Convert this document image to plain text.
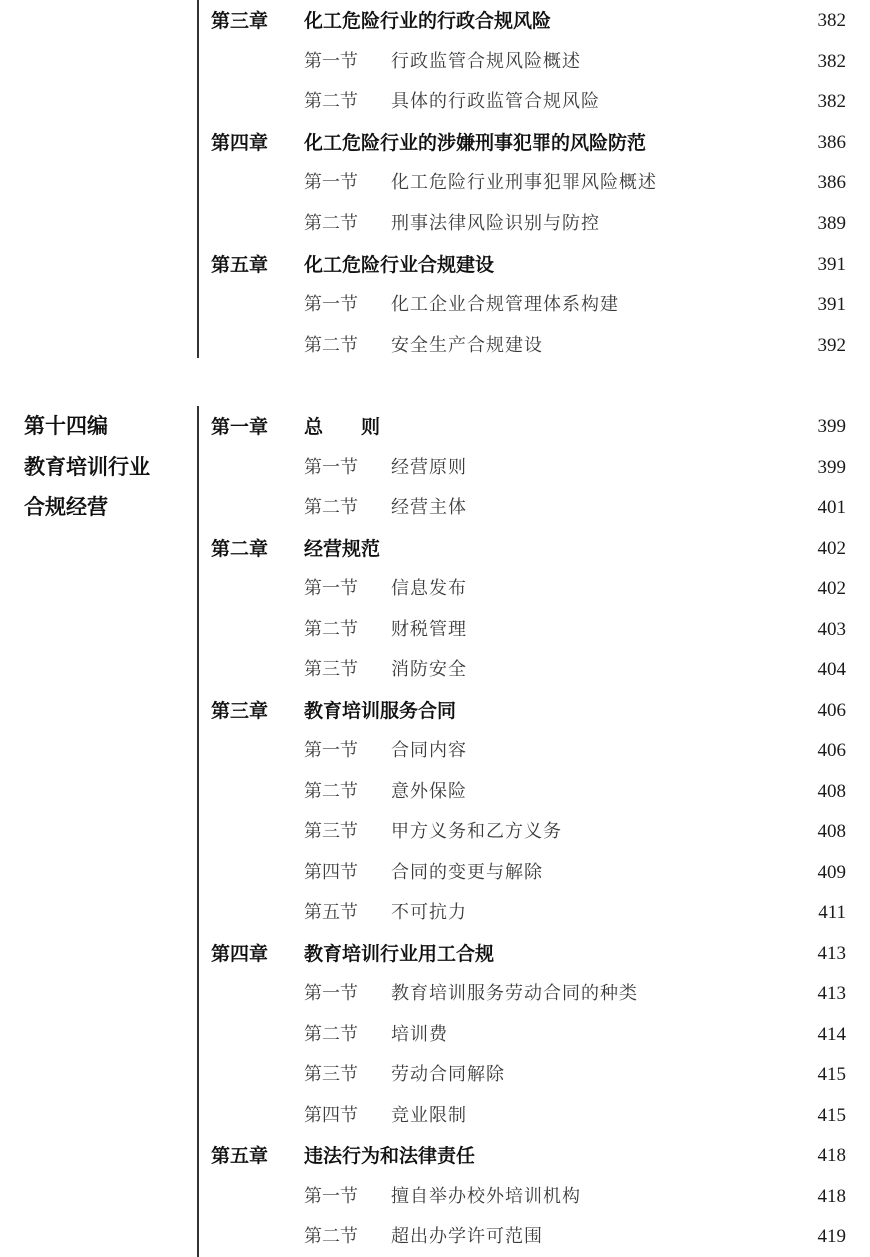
第三章 化工危险行业的行政合规风险	382
第一节 行政监管合规风险概述	382
第二节 具体的行政监管合规风险	382
第四章 化工危险行业的涉嫌刑事犯罪的风险防范	386
第一节 化工危险行业刑事犯罪风险概述	386
第二节 刑事法律风险识别与防控	389
第五章 化工危险行业合规建设	391
第一节 化工企业合规管理体系构建	391
第二节 安全生产合规建设	392
第十四编
教育培训行业
合规经营
第一章 总　　则	399
第一节 经营原则	399
第二节 经营主体	401
第二章 经营规范	402
第一节 信息发布	402
第二节 财税管理	403
第三节 消防安全	404
第三章 教育培训服务合同	406
第一节 合同内容	406
第二节 意外保险	408
第三节 甲方义务和乙方义务	408
第四节 合同的变更与解除	409
第五节 不可抗力	411
第四章 教育培训行业用工合规	413
第一节 教育培训服务劳动合同的种类	413
第二节 培训费	414
第三节 劳动合同解除	415
第四节 竞业限制	415
第五章 违法行为和法律责任	418
第一节 擅自举办校外培训机构	418
第二节 超出办学许可范围	419
